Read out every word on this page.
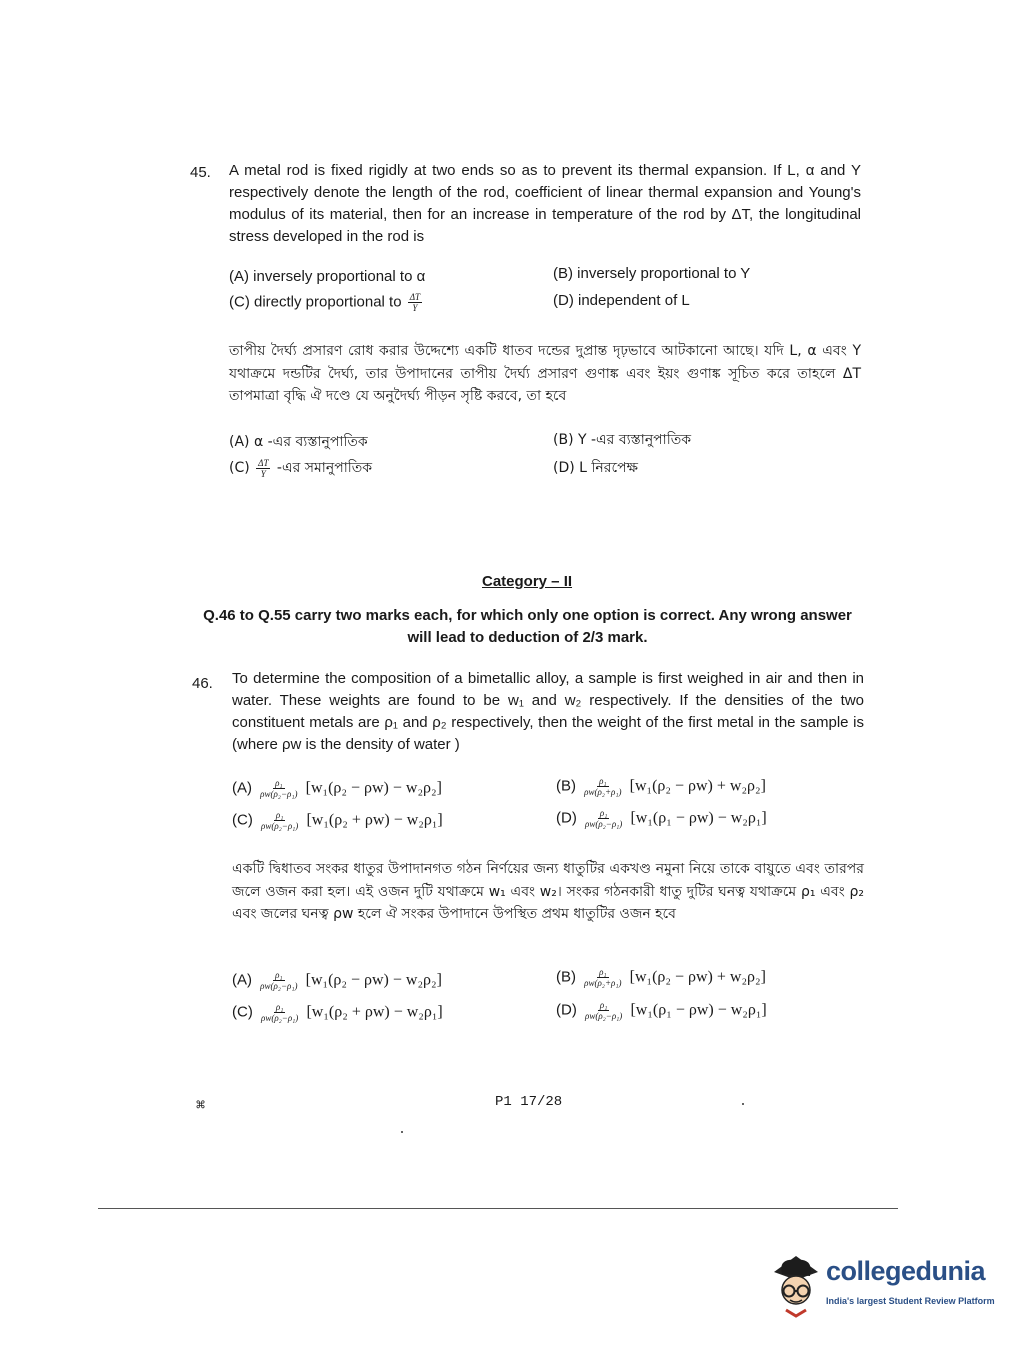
45. A metal rod is fixed rigidly at two ends so as to prevent its thermal expansion. If L, α and Y respectively denote the length of the rod, coefficient of linear thermal expansion and Young's modulus of its material, then for an increase in temperature of the rod by ΔT, the longitudinal stress developed in the rod is
(A) inversely proportional to α	(B) inversely proportional to Y
(C) directly proportional to $\frac{\Delta T}{Y}$	(D) independent of L
তাপীয় দৈর্ঘ্য প্রসারণ রোধ করার উদ্দেশ্যে একটি ধাতব দন্ডের দুপ্রান্ত দৃঢ়ভাবে আটকানো আছে। যদি L, α এবং Y যথাক্রমে দন্ডটির দৈর্ঘ্য, তার উপাদানের তাপীয় দৈর্ঘ্য প্রসারণ গুণাঙ্ক এবং ইয়ং গুণাঙ্ক সূচিত করে তাহলে ΔT তাপমাত্রা বৃদ্ধি ঐ দণ্ডে যে অনুদৈর্ঘ্য পীড়ন সৃষ্টি করবে, তা হবে
(A) α -এর ব্যস্তানুপাতিক	(B) Y -এর ব্যস্তানুপাতিক
$(C) \frac{\Delta T}{Y}$ -এর সমানুপাতিক	(D) L নিরপেক্ষ
Category – II
Q.46 to Q.55 carry two marks each, for which only one option is correct. Any wrong answer will lead to deduction of 2/3 mark.
46. To determine the composition of a bimetallic alloy, a sample is first weighed in air and then in water. These weights are found to be w₁ and w₂ respectively. If the densities of the two constituent metals are ρ₁ and ρ₂ respectively, then the weight of the first metal in the sample is (where ρw is the density of water )
$(A) \frac{\text{ρ₁}}{\text{ρw(ρ₂−ρ₁)}} [w_1(\rho_2 - \rho w) - w_2\rho_2]$	$(B) \frac{\text{ρ₁}}{\text{ρw(ρ₂+ρ₁)}} [w_1(\rho_2 - \rho w) + w_2\rho_2]$
$(C) \frac{\text{ρ₁}}{\text{ρw(ρ₂−ρ₁)}} [w_1(\rho_2 + \rho w) - w_2\rho_1]$	$(D) \frac{\text{ρ₁}}{\text{ρw(ρ₂−ρ₁)}} [w_1(\rho_1 - \rho w) - w_2\rho_1]$
একটি দ্বিধাতব সংকর ধাতুর উপাদানগত গঠন নির্ণয়ের জন্য ধাতুটির একখণ্ড নমুনা নিয়ে তাকে বায়ুতে এবং তারপর জলে ওজন করা হল। এই ওজন দুটি যথাক্রমে w₁ এবং w₂। সংকর গঠনকারী ধাতু দুটির ঘনত্ব যথাক্রমে ρ₁ এবং ρ₂ এবং জলের ঘনত্ব ρw হলে ঐ সংকর উপাদানে উপস্থিত প্রথম ধাতুটির ওজন হবে
$(A) \frac{\text{ρ₁}}{\text{ρw(ρ₂−ρ₁)}} [w_1(\rho_2 - \rho w) - w_2\rho_2]$	$(B) \frac{\text{ρ₁}}{\text{ρw(ρ₂+ρ₁)}} [w_1(\rho_2 - \rho w) + w_2\rho_2]$
$(C) \frac{\text{ρ₁}}{\text{ρw(ρ₂−ρ₁)}} [w_1(\rho_2 + \rho w) - w_2\rho_1]$	$(D) \frac{\text{ρ₁}}{\text{ρw(ρ₂−ρ₁)}} [w_1(\rho_1 - \rho w) - w_2\rho_1]$
⌘	P1 17/28
collegedunia
India's largest Student Review Platform
